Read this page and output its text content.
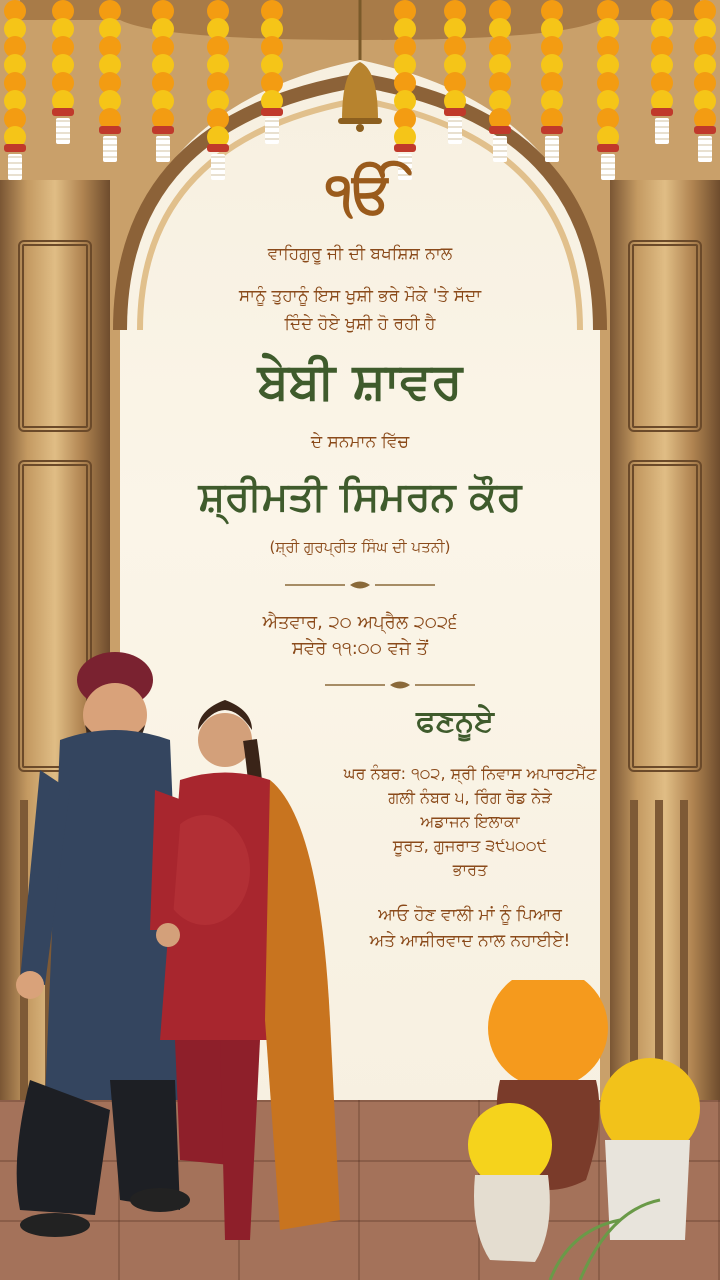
ੴ
ਵਾਹਿਗੁਰੂ ਜੀ ਦੀ ਬਖਸ਼ਿਸ਼ ਨਾਲ
ਸਾਨੂੰ ਤੁਹਾਨੂੰ ਇਸ ਖੁਸ਼ੀ ਭਰੇ ਮੌਕੇ 'ਤੇ ਸੱਦਾ
ਦਿੰਦੇ ਹੋਏ ਖੁਸ਼ੀ ਹੋ ਰਹੀ ਹੈ
ਬੇਬੀ ਸ਼ਾਵਰ
ਦੇ ਸਨਮਾਨ ਵਿੱਚ
ਸ਼੍ਰੀਮਤੀ ਸਿਮਰਨ ਕੌਰ
(ਸ਼੍ਰੀ ਗੁਰਪ੍ਰੀਤ ਸਿੰਘ ਦੀ ਪਤਨੀ)
ਐਤਵਾਰ, ੨੦ ਅਪ੍ਰੈਲ ੨੦੨੬
ਸਵੇਰੇ ੧੧:੦੦ ਵਜੇ ਤੋਂ
ਫਣਨੂਏ
ਘਰ ਨੰਬਰ: ੧੦੨, ਸ਼੍ਰੀ ਨਿਵਾਸ ਅਪਾਰਟਮੈਂਟ
ਗਲੀ ਨੰਬਰ ੫, ਰਿੰਗ ਰੋਡ ਨੇੜੇ
ਅਡਾਜਨ ਇਲਾਕਾ
ਸੂਰਤ, ਗੁਜਰਾਤ ੩੯੫੦੦੯
ਭਾਰਤ
ਆਓ ਹੋਣ ਵਾਲੀ ਮਾਂ ਨੂੰ ਪਿਆਰ
ਅਤੇ ਆਸ਼ੀਰਵਾਦ ਨਾਲ ਨਹਾਈਏ!
